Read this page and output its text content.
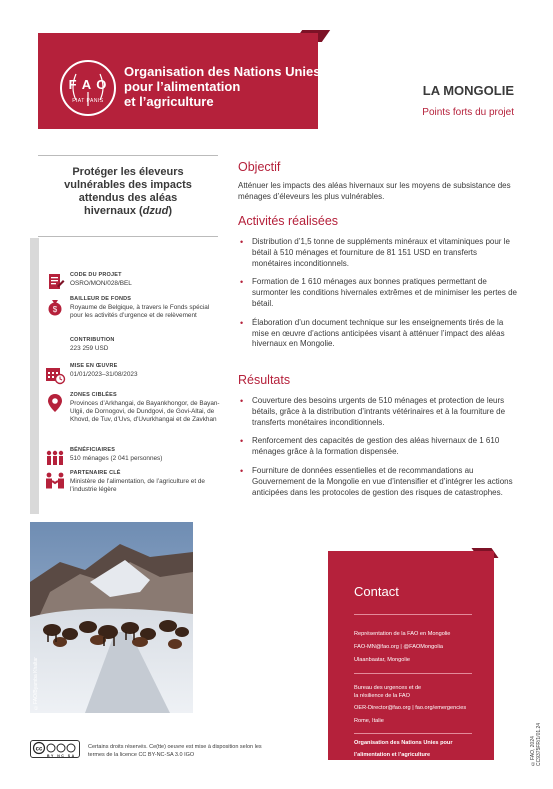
F A O
FIAT PANIS
Organisation des Nations Unies
pour l’alimentation
et l’agriculture
LA MONGOLIE
Points forts du projet
Protéger les éleveurs
vulnérables des impacts
attendus des aléas
hivernaux (dzud)
CODE DU PROJET
OSRO/MON/028/BEL
$
BAILLEUR DE FONDS
Royaume de Belgique, à travers le Fonds spécial pour les activités d’urgence et de relèvement
CONTRIBUTION
223 259 USD
MISE EN ŒUVRE
01/01/2023–31/08/2023
ZONES CIBLÉES
Provinces d’Arkhangai, de Bayankhongor, de Bayan-Ulgii, de Dornogovi, de Dundgovi, de Govi-Altai, de Khovd, de Tuv, d’Uvs, d’Uvurkhangai et de Zavkhan
BÉNÉFICIAIRES
510 ménages (2 041 personnes)
PARTENAIRE CLÉ
Ministère de l’alimentation, de l’agriculture et de l’industrie légère
©FAO/Byamba Khaltar
cc
BY NC SA
Certains droits réservés. Ce(tte) oeuvre est mise à disposition selon les termes de la licence CC BY-NC-SA 3.0 IGO
Objectif
Atténuer les impacts des aléas hivernaux sur les moyens de subsistance des ménages d’éleveurs les plus vulnérables.
Activités réalisées
• Distribution d’1,5 tonne de suppléments minéraux et vitaminiques pour le bétail à 510 ménages et fourniture de 81 151 USD en transferts monétaires inconditionnels.
• Formation de 1 610 ménages aux bonnes pratiques permettant de surmonter les conditions hivernales extrêmes et de minimiser les pertes de bétail.
• Élaboration d’un document technique sur les enseignements tirés de la mise en œuvre d’actions anticipées visant à atténuer l’impact des aléas hivernaux en Mongolie.
Résultats
• Couverture des besoins urgents de 510 ménages et protection de leurs bétails, grâce à la distribution d’intrants vétérinaires et à la fourniture de transferts monétaires inconditionnels.
• Renforcement des capacités de gestion des aléas hivernaux de 1 610 ménages grâce à la formation dispensée.
• Fourniture de données essentielles et de recommandations au Gouvernement de la Mongolie en vue d’intensifier et d’intégrer les actions anticipées dans les protocoles de gestion des risques de catastrophes.
Contact
Représentation de la FAO en Mongolie
FAO-MN@fao.org | @FAOMongolia
Ulaanbaatar, Mongolie
Bureau des urgences et de
la résilience de la FAO
OER-Director@fao.org | fao.org/emergencies
Rome, Italie
Organisation des Nations Unies pour
l’alimentation et l’agriculture	©FAO, 2024 CC9375FR/1/01.24
